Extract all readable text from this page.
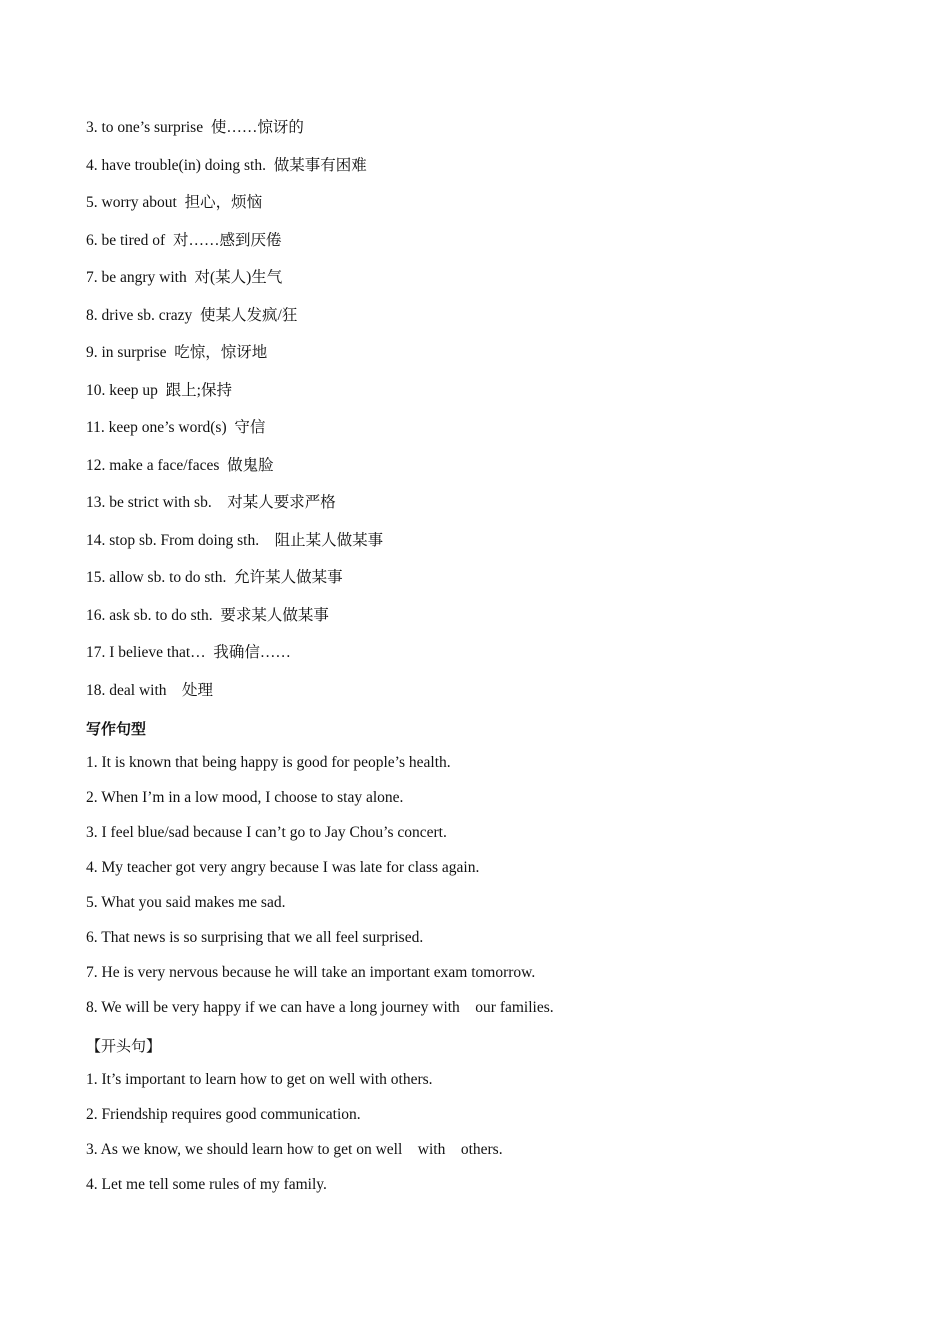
3. to one’s surprise  使……惊讶的
4. have trouble(in) doing sth.  做某事有困难
5. worry about  担心，烦恼
6. be tired of  对……感到厌倦
7. be angry with  对(某人)生气
8. drive sb. crazy  使某人发疯/狂
9. in surprise  吃惊，惊讶地
10. keep up  跟上;保持
11. keep one’s word(s)  守信
12. make a face/faces  做鬼脸
13. be strict with sb.    对某人要求严格
14. stop sb. From doing sth.    阻止某人做某事
15. allow sb. to do sth.  允许某人做某事
16. ask sb. to do sth.  要求某人做某事
17. I believe that…  我确信……
18. deal with    处理
写作句型
1. It is known that being happy is good for people’s health.
2. When I’m in a low mood, I choose to stay alone.
3. I feel blue/sad because I can’t go to Jay Chou’s concert.
4. My teacher got very angry because I was late for class again.
5. What you said makes me sad.
6. That news is so surprising that we all feel surprised.
7. He is very nervous because he will take an important exam tomorrow.
8. We will be very happy if we can have a long journey with    our families.
【开头句】
1. It’s important to learn how to get on well with others.
2. Friendship requires good communication.
3. As we know, we should learn how to get on well    with    others.
4. Let me tell some rules of my family.
